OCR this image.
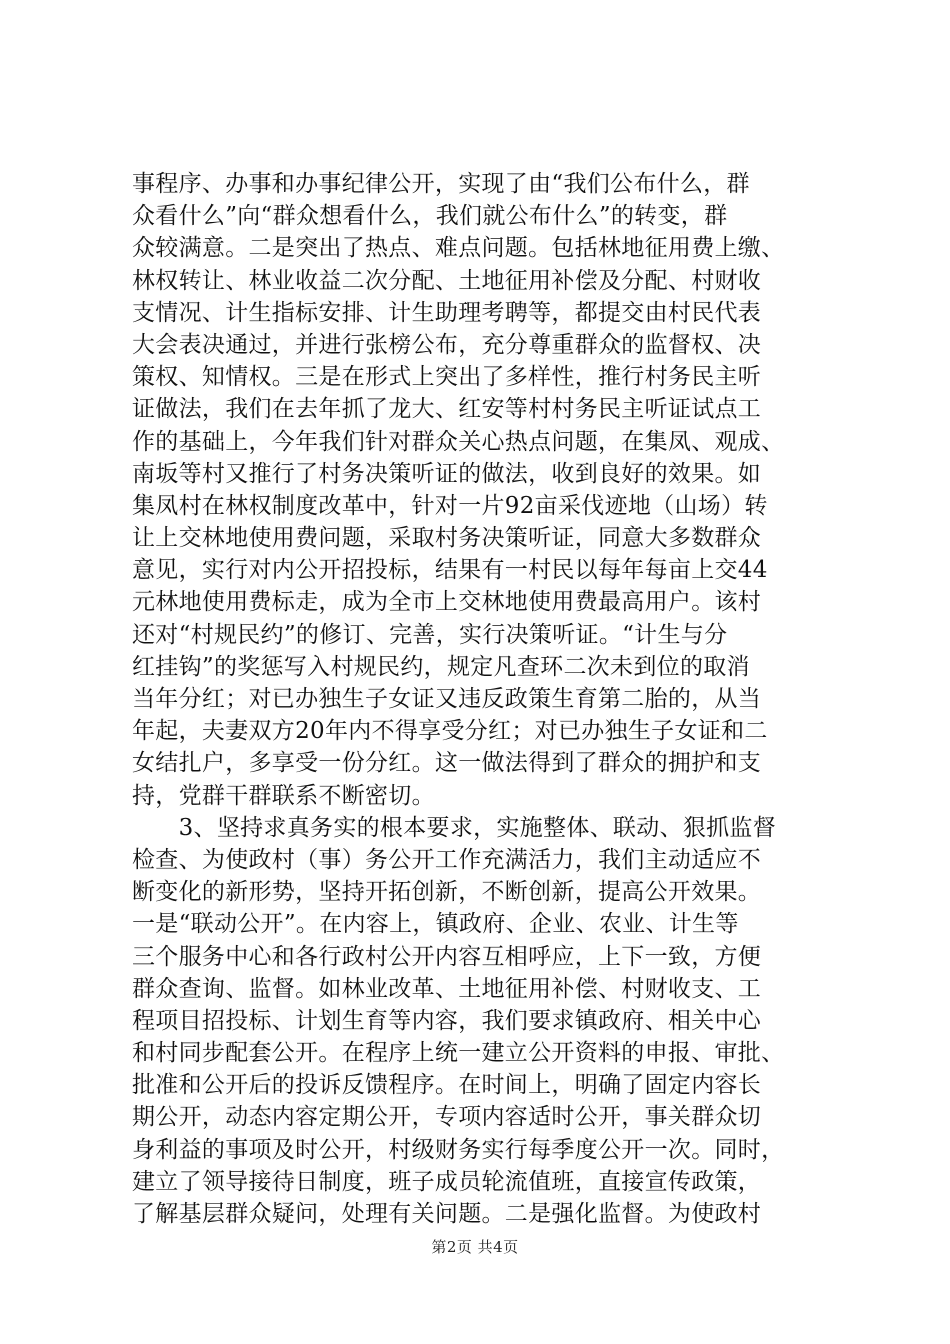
事程序、办事和办事纪律公开，实现了由“我们公布什么，群
众看什么”向“群众想看什么，我们就公布什么”的转变，群
众较满意。二是突出了热点、难点问题。包括林地征用费上缴、
林权转让、林业收益二次分配、土地征用补偿及分配、村财收
支情况、计生指标安排、计生助理考聘等，都提交由村民代表
大会表决通过，并进行张榜公布，充分尊重群众的监督权、决
策权、知情权。三是在形式上突出了多样性，推行村务民主听
证做法，我们在去年抓了龙大、红安等村村务民主听证试点工
作的基础上，今年我们针对群众关心热点问题，在集凤、观成、
南坂等村又推行了村务决策听证的做法，收到良好的效果。如
集凤村在林权制度改革中，针对一片92亩采伐迹地（山场）转
让上交林地使用费问题，采取村务决策听证，同意大多数群众
意见，实行对内公开招投标，结果有一村民以每年每亩上交44
元林地使用费标走，成为全市上交林地使用费最高用户。该村
还对“村规民约”的修订、完善，实行决策听证。“计生与分
红挂钩”的奖惩写入村规民约，规定凡查环二次未到位的取消
当年分红；对已办独生子女证又违反政策生育第二胎的，从当
年起，夫妻双方20年内不得享受分红；对已办独生子女证和二
女结扎户，多享受一份分红。这一做法得到了群众的拥护和支
持，党群干群联系不断密切。
　　3、坚持求真务实的根本要求，实施整体、联动、狠抓监督
检查、为使政村（事）务公开工作充满活力，我们主动适应不
断变化的新形势，坚持开拓创新，不断创新，提高公开效果。
一是“联动公开”。在内容上，镇政府、企业、农业、计生等
三个服务中心和各行政村公开内容互相呼应，上下一致，方便
群众查询、监督。如林业改革、土地征用补偿、村财收支、工
程项目招投标、计划生育等内容，我们要求镇政府、相关中心
和村同步配套公开。在程序上统一建立公开资料的申报、审批、
批准和公开后的投诉反馈程序。在时间上，明确了固定内容长
期公开，动态内容定期公开，专项内容适时公开，事关群众切
身利益的事项及时公开，村级财务实行每季度公开一次。同时，
建立了领导接待日制度，班子成员轮流值班，直接宣传政策，
了解基层群众疑问，处理有关问题。二是强化监督。为使政村
第2页 共4页
